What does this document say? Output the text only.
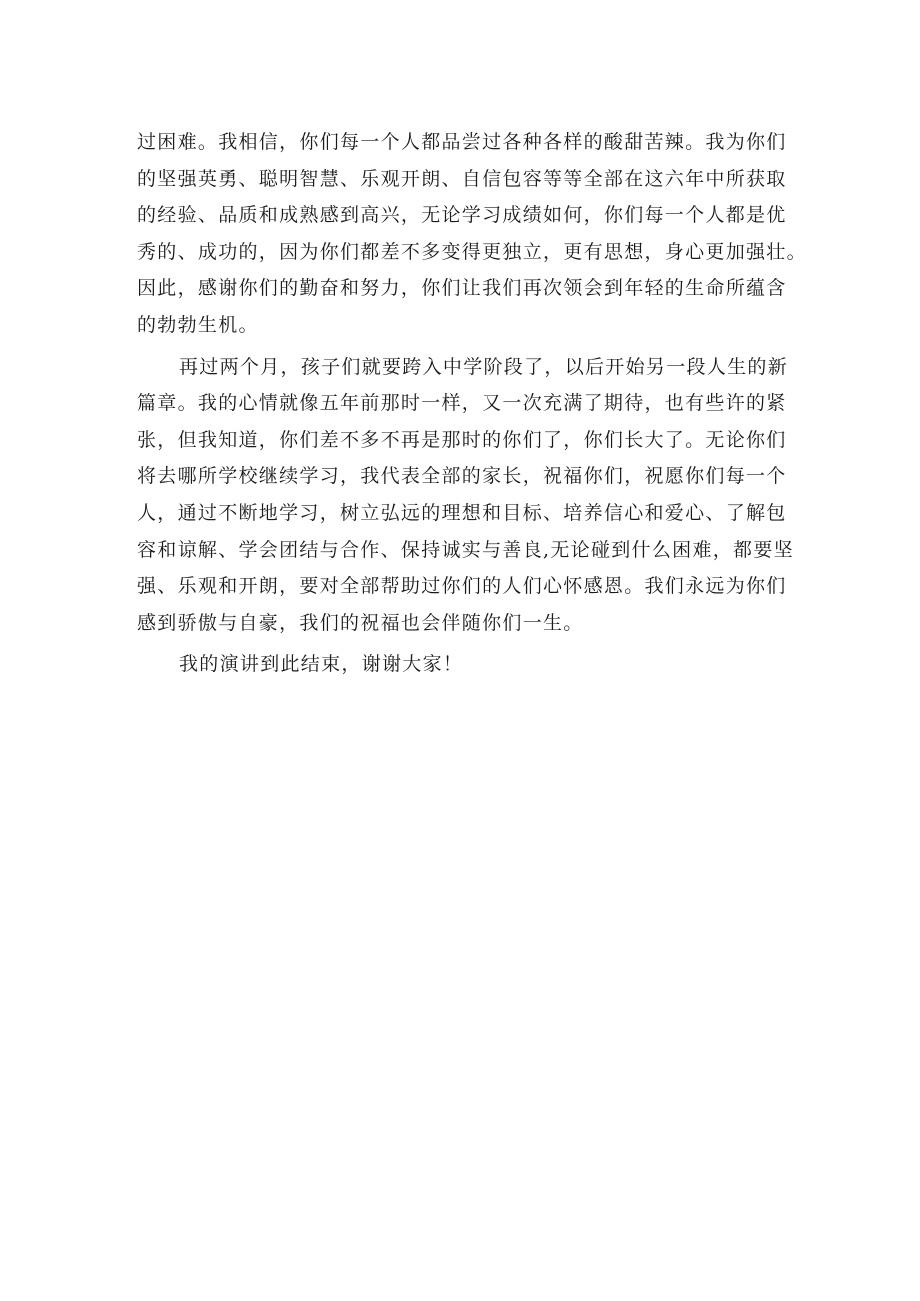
过困难。我相信，你们每一个人都品尝过各种各样的酸甜苦辣。我为你们
的坚强英勇、聪明智慧、乐观开朗、自信包容等等全部在这六年中所获取
的经验、品质和成熟感到高兴，无论学习成绩如何，你们每一个人都是优
秀的、成功的，因为你们都差不多变得更独立，更有思想，身心更加强壮。
因此，感谢你们的勤奋和努力，你们让我们再次领会到年轻的生命所蕴含
的勃勃生机。

再过两个月，孩子们就要跨入中学阶段了，以后开始另一段人生的新
篇章。我的心情就像五年前那时一样，又一次充满了期待，也有些许的紧
张，但我知道，你们差不多不再是那时的你们了，你们长大了。无论你们
将去哪所学校继续学习，我代表全部的家长，祝福你们，祝愿你们每一个
人，通过不断地学习，树立弘远的理想和目标、培养信心和爱心、了解包
容和谅解、学会团结与合作、保持诚实与善良,无论碰到什么困难，都要坚
强、乐观和开朗，要对全部帮助过你们的人们心怀感恩。我们永远为你们
感到骄傲与自豪，我们的祝福也会伴随你们一生。

我的演讲到此结束，谢谢大家！
